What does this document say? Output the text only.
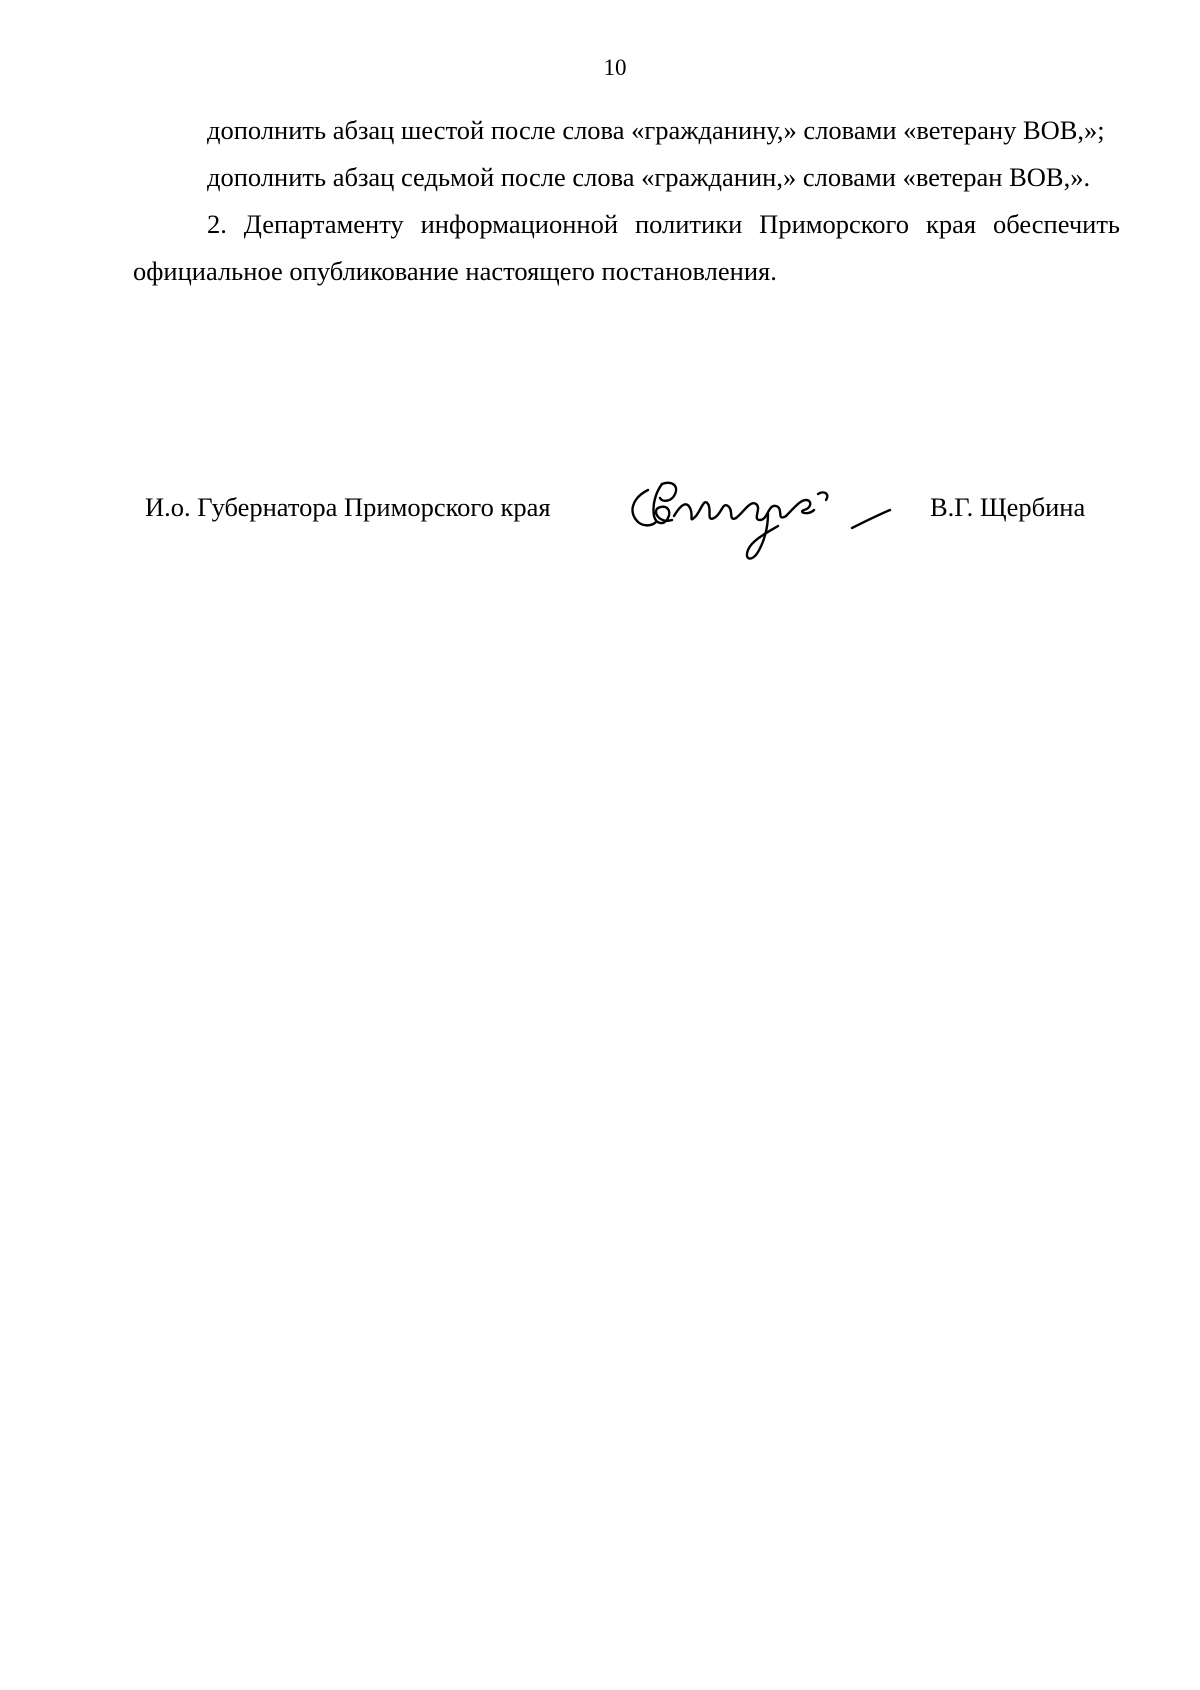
10

дополнить абзац шестой после слова «гражданину,» словами «ветерану ВОВ,»;

дополнить абзац седьмой после слова «гражданин,» словами «ветеран ВОВ,».

2. Департаменту информационной политики Приморского края обеспечить официальное опубликование настоящего постановления.

И.о. Губернатора Приморского края	В.Г. Щербина
